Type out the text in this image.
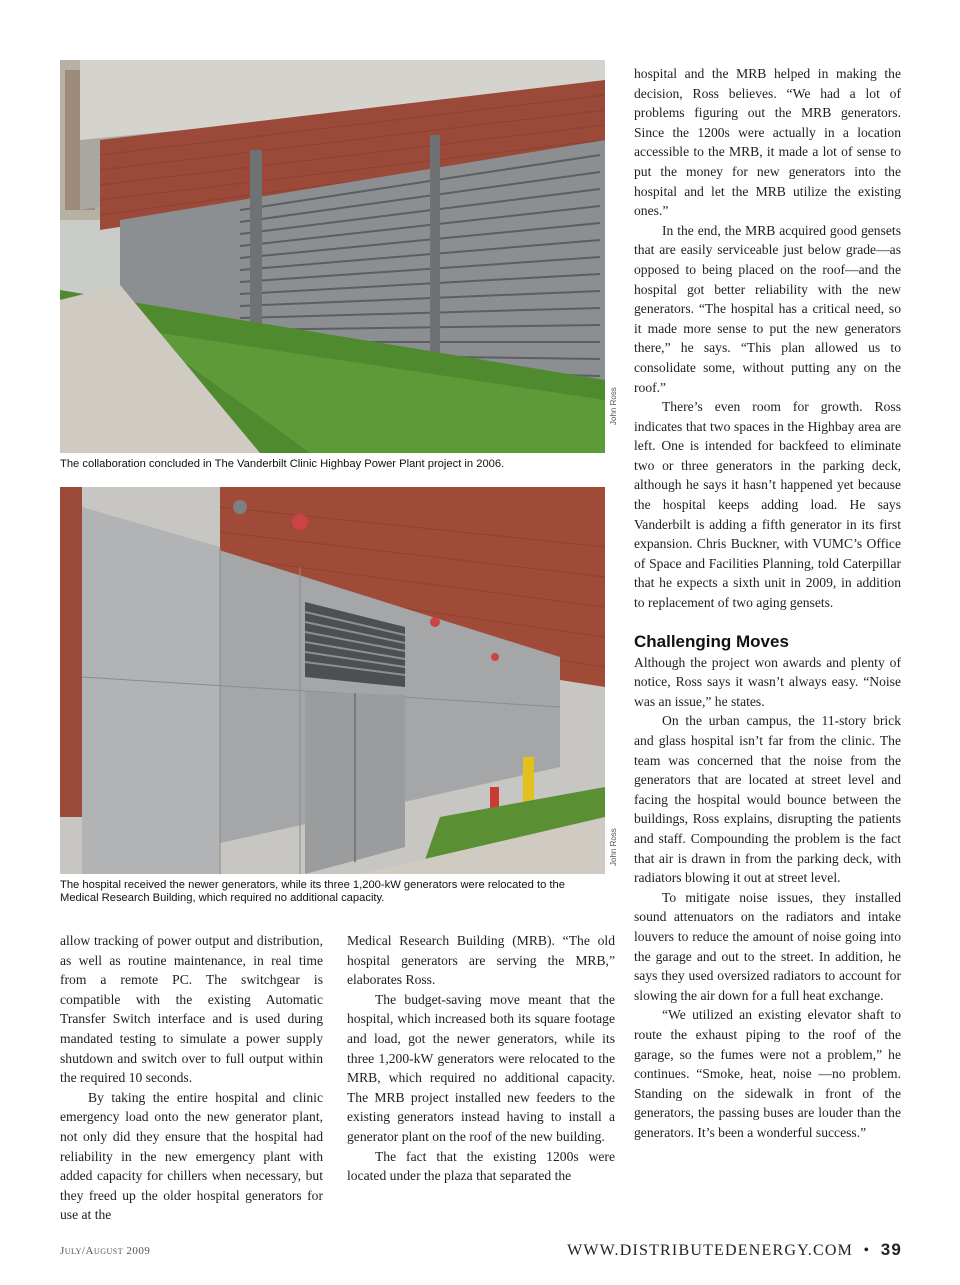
John Ross
The collaboration concluded in The Vanderbilt Clinic Highbay Power Plant project in 2006.
John Ross
The hospital received the newer generators, while its three 1,200-kW generators were relocated to the Medical Research Building, which required no additional capacity.

allow tracking of power output and distribution, as well as routine maintenance, in real time from a remote PC. The switchgear is compatible with the existing Automatic Transfer Switch interface and is used during mandated testing to simulate a power supply shutdown and switch over to full output within the required 10 seconds.

By taking the entire hospital and clinic emergency load onto the new generator plant, not only did they ensure that the hospital had reliability in the new emergency plant with added capacity for chillers when necessary, but they freed up the older hospital generators for use at the

Medical Research Building (MRB). “The old hospital generators are serving the MRB,” elaborates Ross.

The budget-saving move meant that the hospital, which increased both its square footage and load, got the newer generators, while its three 1,200-kW generators were relocated to the MRB, which required no additional capacity. The MRB project installed new feeders to the existing generators instead having to install a generator plant on the roof of the new building.

The fact that the existing 1200s were located under the plaza that separated the

hospital and the MRB helped in making the decision, Ross believes. “We had a lot of problems figuring out the MRB generators. Since the 1200s were actually in a location accessible to the MRB, it made a lot of sense to put the money for new generators into the hospital and let the MRB utilize the existing ones.”

In the end, the MRB acquired good gensets that are easily serviceable just below grade—as opposed to being placed on the roof—and the hospital got better reliability with the new generators. “The hospital has a critical need, so it made more sense to put the new generators there,” he says. “This plan allowed us to consolidate some, without putting any on the roof.”

There’s even room for growth. Ross indicates that two spaces in the Highbay area are left. One is intended for backfeed to eliminate two or three generators in the parking deck, although he says it hasn’t happened yet because the hospital keeps adding load. He says Vanderbilt is adding a fifth generator in its first expansion. Chris Buckner, with VUMC’s Office of Space and Facilities Planning, told Caterpillar that he expects a sixth unit in 2009, in addition to replacement of two aging gensets.

Challenging Moves

Although the project won awards and plenty of notice, Ross says it wasn’t always easy. “Noise was an issue,” he states.

On the urban campus, the 11-story brick and glass hospital isn’t far from the clinic. The team was concerned that the noise from the generators that are located at street level and facing the hospital would bounce between the buildings, Ross explains, disrupting the patients and staff. Compounding the problem is the fact that air is drawn in from the parking deck, with radiators blowing it out at street level.

To mitigate noise issues, they installed sound attenuators on the radiators and intake louvers to reduce the amount of noise going into the garage and out to the street. In addition, he says they used oversized radiators to account for slowing the air down for a full heat exchange.

“We utilized an existing elevator shaft to route the exhaust piping to the roof of the garage, so the fumes were not a problem,” he continues. “Smoke, heat, noise —no problem. Standing on the sidewalk in front of the generators, the passing buses are louder than the generators. It’s been a wonderful success.”

July/August 2009	WWW.DISTRIBUTEDENERGY.COM • 39
